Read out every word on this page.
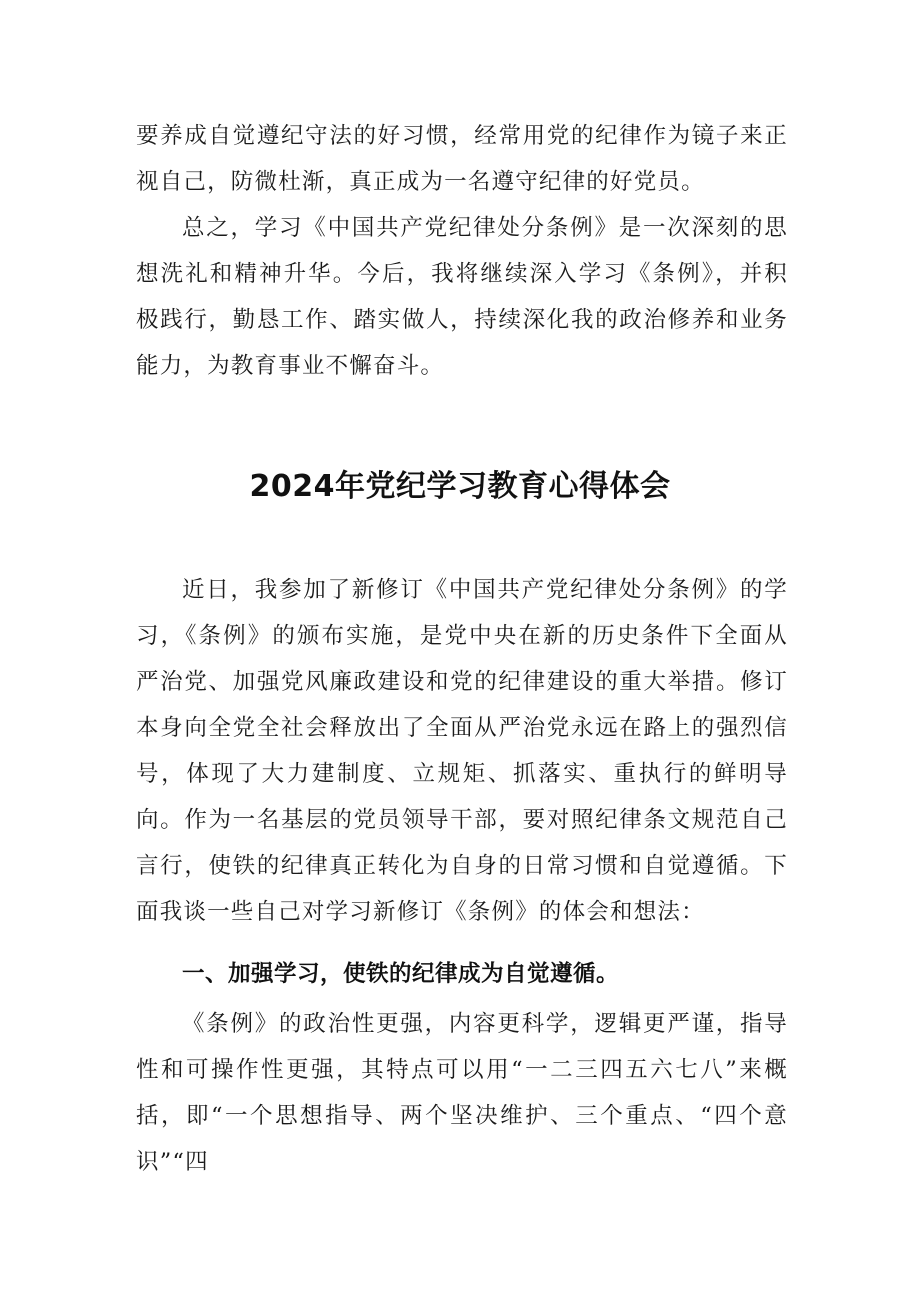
要养成自觉遵纪守法的好习惯，经常用党的纪律作为镜子来正视自己，防微杜渐，真正成为一名遵守纪律的好党员。

总之，学习《中国共产党纪律处分条例》是一次深刻的思想洗礼和精神升华。今后，我将继续深入学习《条例》，并积极践行，勤恳工作、踏实做人，持续深化我的政治修养和业务能力，为教育事业不懈奋斗。

2024年党纪学习教育心得体会

近日，我参加了新修订《中国共产党纪律处分条例》的学习，《条例》的颁布实施，是党中央在新的历史条件下全面从严治党、加强党风廉政建设和党的纪律建设的重大举措。修订本身向全党全社会释放出了全面从严治党永远在路上的强烈信号，体现了大力建制度、立规矩、抓落实、重执行的鲜明导向。作为一名基层的党员领导干部，要对照纪律条文规范自己言行，使铁的纪律真正转化为自身的日常习惯和自觉遵循。下面我谈一些自己对学习新修订《条例》的体会和想法：

一、加强学习，使铁的纪律成为自觉遵循。

《条例》的政治性更强，内容更科学，逻辑更严谨，指导性和可操作性更强，其特点可以用“一二三四五六七八”来概括，即“一个思想指导、两个坚决维护、三个重点、“四个意识”“四
